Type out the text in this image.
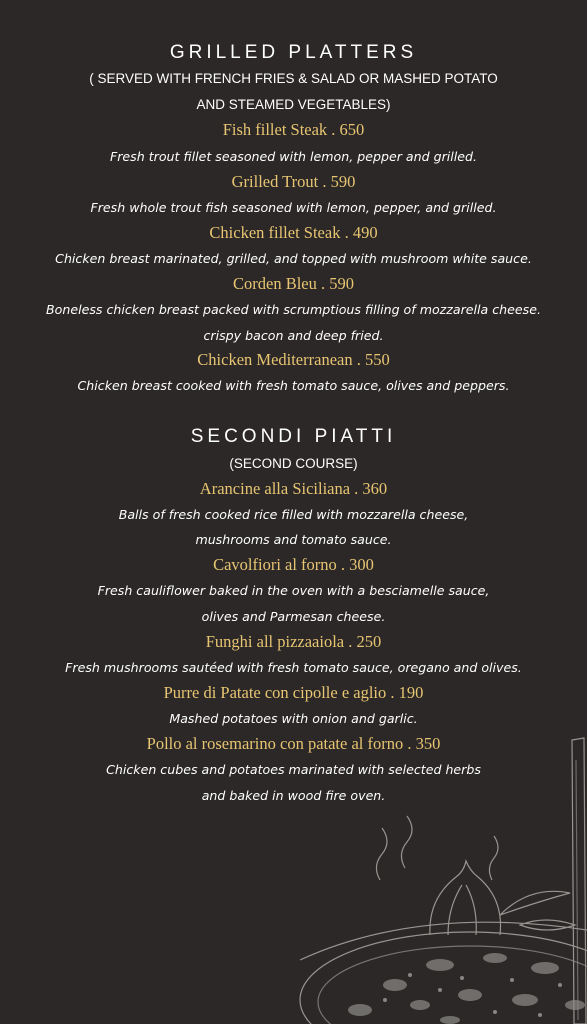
GRILLED PLATTERS
( SERVED WITH FRENCH FRIES & SALAD OR MASHED POTATO
AND STEAMED VEGETABLES)
Fish fillet Steak . 650
Fresh trout fillet seasoned with lemon, pepper and grilled.
Grilled Trout . 590
Fresh whole trout fish seasoned with lemon, pepper, and grilled.
Chicken fillet Steak . 490
Chicken breast marinated, grilled, and topped with mushroom white sauce.
Corden Bleu . 590
Boneless chicken breast packed with scrumptious filling of mozzarella cheese.
crispy bacon and deep fried.
Chicken Mediterranean . 550
Chicken breast cooked with fresh tomato sauce, olives and peppers.
SECONDI PIATTI
(SECOND COURSE)
Arancine alla Siciliana . 360
Balls of fresh cooked rice filled with mozzarella cheese,
mushrooms and tomato sauce.
Cavolfiori al forno . 300
Fresh cauliflower baked in the oven with a besciamelle sauce,
olives and Parmesan cheese.
Funghi all pizzaaiola . 250
Fresh mushrooms sautéed with fresh tomato sauce, oregano and olives.
Purre di Patate con cipolle e aglio . 190
Mashed potatoes with onion and garlic.
Pollo al rosemarino con patate al forno . 350
Chicken cubes and potatoes marinated with selected herbs
and baked in wood fire oven.
